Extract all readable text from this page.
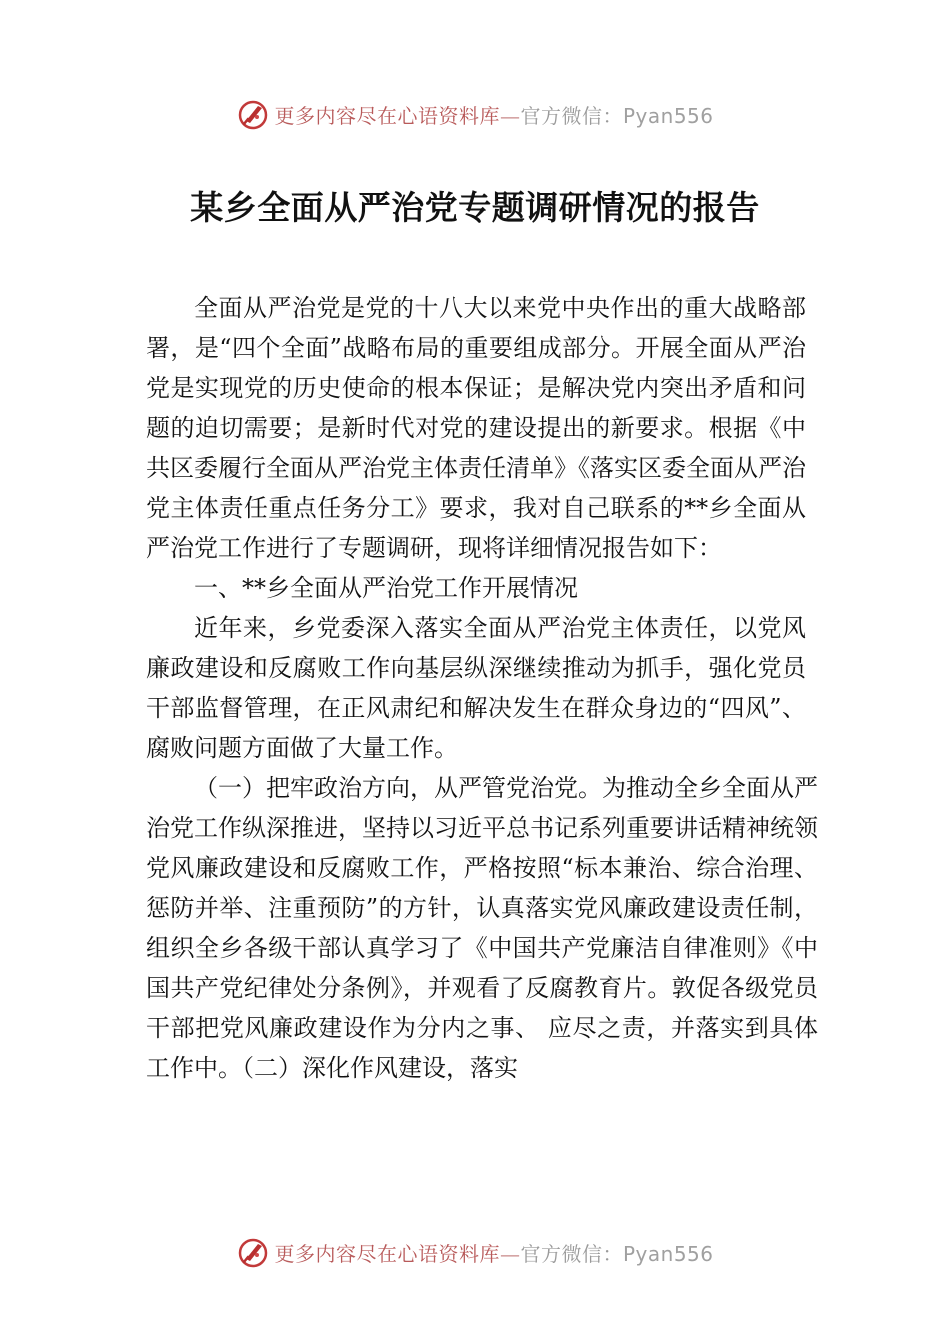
更多内容尽在心语资料库—官方微信：Pyan556
某乡全面从严治党专题调研情况的报告

全面从严治党是党的十八大以来党中央作出的重大战略部署，是“四个全面”战略布局的重要组成部分。开展全面从严治党是实现党的历史使命的根本保证；是解决党内突出矛盾和问题的迫切需要；是新时代对党的建设提出的新要求。根据《中共区委履行全面从严治党主体责任清单》《落实区委全面从严治党主体责任重点任务分工》要求，我对自己联系的**乡全面从严治党工作进行了专题调研，现将详细情况报告如下：

一、**乡全面从严治党工作开展情况

近年来，乡党委深入落实全面从严治党主体责任，以党风廉政建设和反腐败工作向基层纵深继续推动为抓手，强化党员干部监督管理，在正风肃纪和解决发生在群众身边的“四风”、腐败问题方面做了大量工作。

（一）把牢政治方向，从严管党治党。为推动全乡全面从严治党工作纵深推进，坚持以习近平总书记系列重要讲话精神统领党风廉政建设和反腐败工作，严格按照“标本兼治、综合治理、惩防并举、注重预防”的方针，认真落实党风廉政建设责任制，组织全乡各级干部认真学习了《中国共产党廉洁自律准则》《中国共产党纪律处分条例》，并观看了反腐教育片。敦促各级党员干部把党风廉政建设作为分内之事、 应尽之责，并落实到具体工作中。（二）深化作风建设，落实

更多内容尽在心语资料库—官方微信：Pyan556
